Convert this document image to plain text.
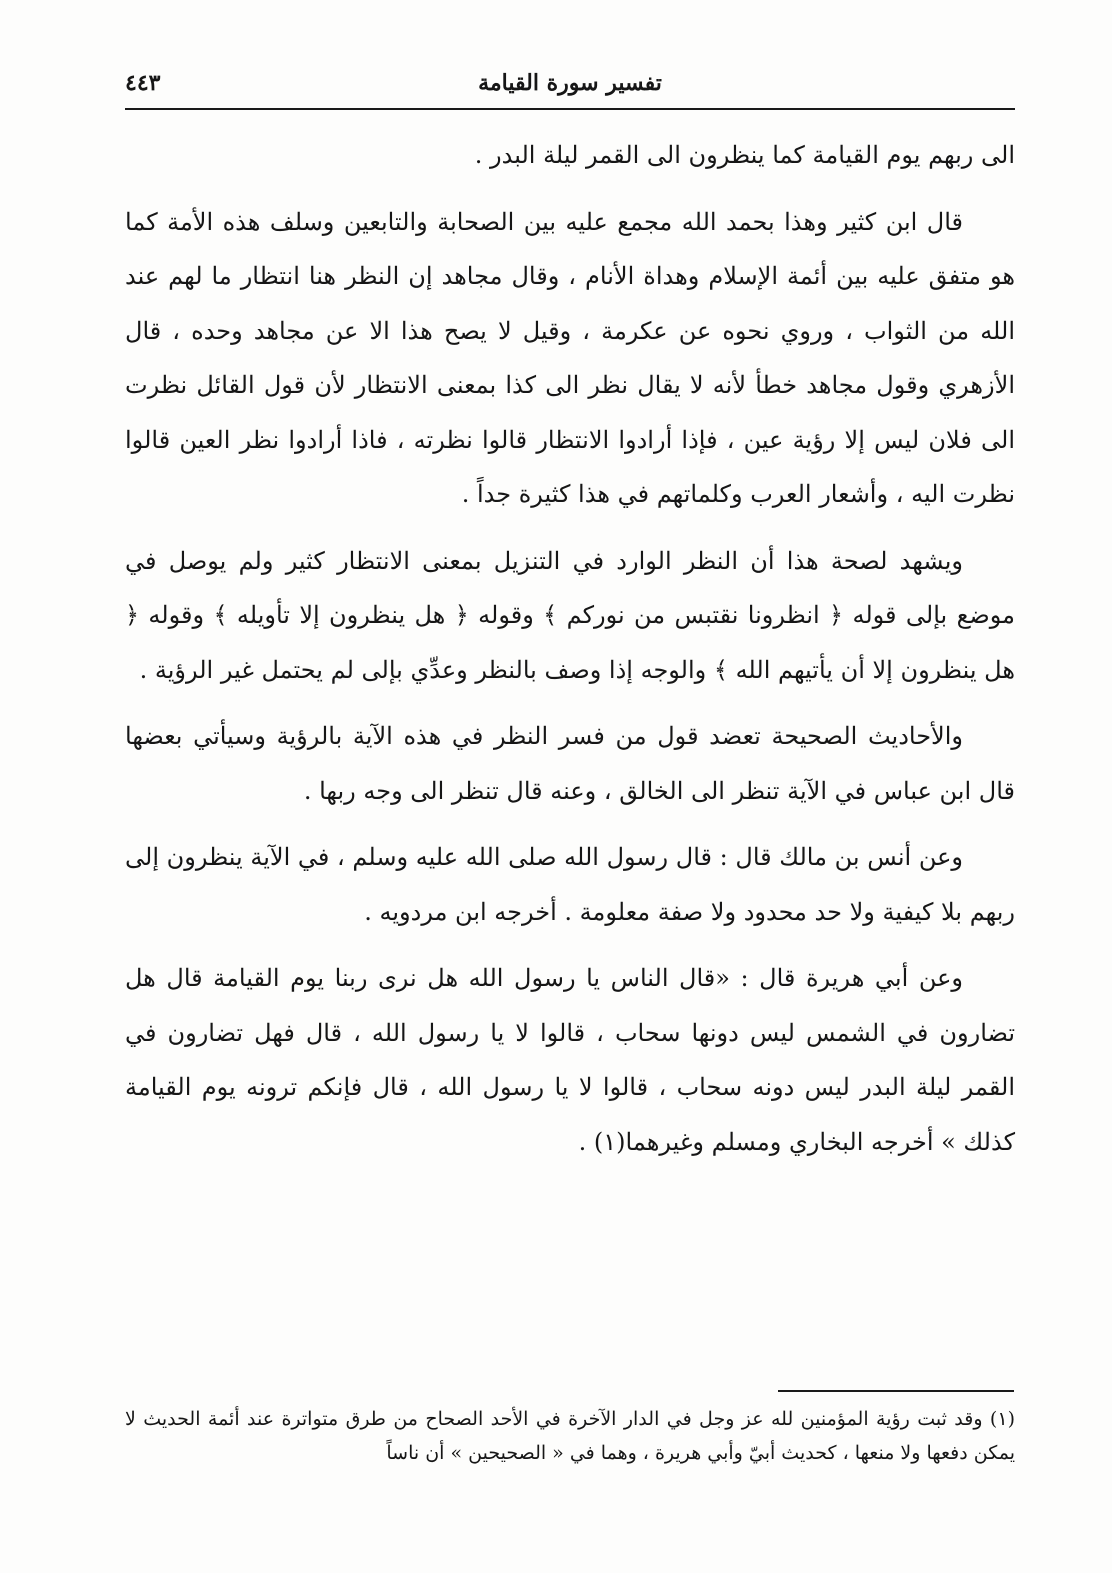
تفسير سورة القيامة
٤٤٣

الى ربهم يوم القيامة كما ينظرون الى القمر ليلة البدر .

قال ابن كثير وهذا بحمد الله مجمع عليه بين الصحابة والتابعين وسلف هذه الأمة كما هو متفق عليه بين أئمة الإسلام وهداة الأنام ، وقال مجاهد إن النظر هنا انتظار ما لهم عند الله من الثواب ، وروي نحوه عن عكرمة ، وقيل لا يصح هذا الا عن مجاهد وحده ، قال الأزهري وقول مجاهد خطأ لأنه لا يقال نظر الى كذا بمعنى الانتظار لأن قول القائل نظرت الى فلان ليس إلا رؤية عين ، فإذا أرادوا الانتظار قالوا نظرته ، فاذا أرادوا نظر العين قالوا نظرت اليه ، وأشعار العرب وكلماتهم في هذا كثيرة جداً .

ويشهد لصحة هذا أن النظر الوارد في التنزيل بمعنى الانتظار كثير ولم يوصل في موضع بإلى قوله ﴿ انظرونا نقتبس من نوركم ﴾ وقوله ﴿ هل ينظرون إلا تأويله ﴾ وقوله ﴿ هل ينظرون إلا أن يأتيهم الله ﴾ والوجه إذا وصف بالنظر وعدِّي بإلى لم يحتمل غير الرؤية .

والأحاديث الصحيحة تعضد قول من فسر النظر في هذه الآية بالرؤية وسيأتي بعضها قال ابن عباس في الآية تنظر الى الخالق ، وعنه قال تنظر الى وجه ربها .

وعن أنس بن مالك قال : قال رسول الله صلى الله عليه وسلم ، في الآية ينظرون إلى ربهم بلا كيفية ولا حد محدود ولا صفة معلومة . أخرجه ابن مردويه .

وعن أبي هريرة قال : «قال الناس يا رسول الله هل نرى ربنا يوم القيامة قال هل تضارون في الشمس ليس دونها سحاب ، قالوا لا يا رسول الله ، قال فهل تضارون في القمر ليلة البدر ليس دونه سحاب ، قالوا لا يا رسول الله ، قال فإنكم ترونه يوم القيامة كذلك » أخرجه البخاري ومسلم وغيرهما(١) .

(١) وقد ثبت رؤية المؤمنين لله عز وجل في الدار الآخرة في الأحد الصحاح من طرق متواترة عند أئمة الحديث لا يمكن دفعها ولا منعها ، كحديث أبيّ وأبي هريرة ، وهما في « الصحيحين » أن ناساً
